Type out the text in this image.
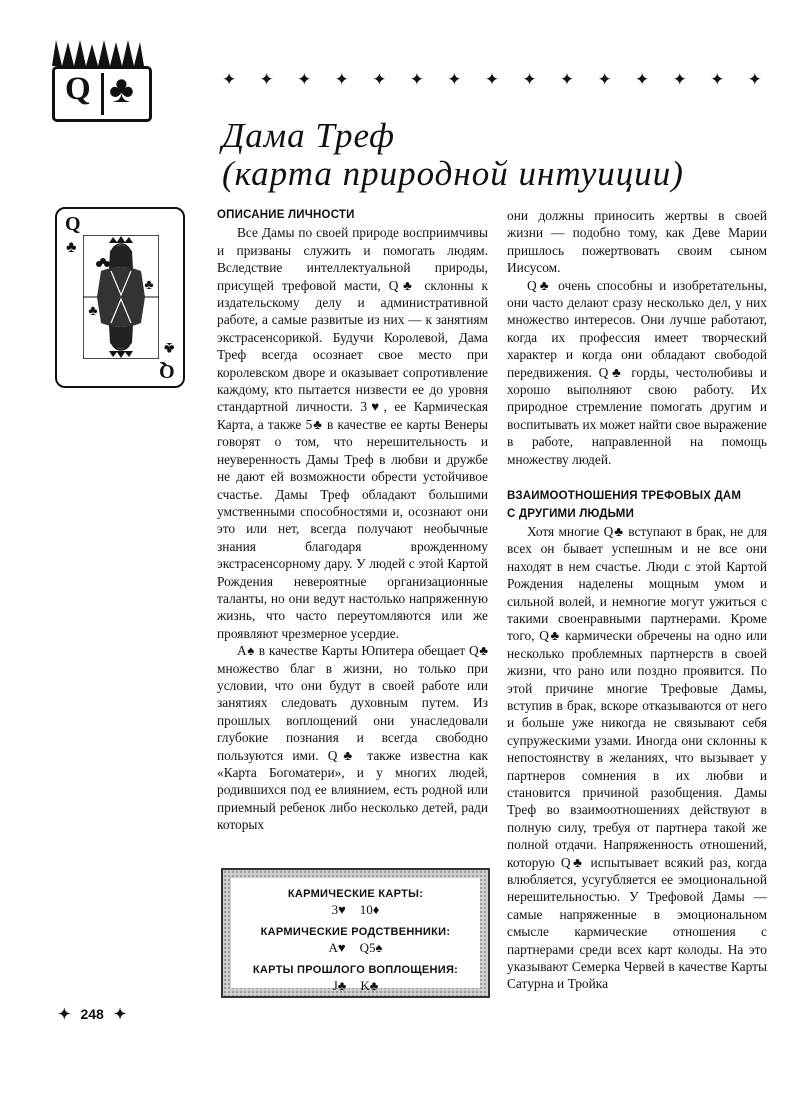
Q ♣	✦ ✦ ✦ ✦ ✦ ✦ ✦ ✦ ✦ ✦ ✦ ✦ ✦ ✦ ✦
Дама Треф
(карта природной интуиции)
Q
♣
♣
♣
♣
Q

ОПИСАНИЕ ЛИЧНОСТИ

Все Дамы по своей природе восприимчивы и призваны служить и помогать людям. Вследствие интеллектуальной природы, присущей трефовой масти, Q♣ склонны к издательскому делу и административной работе, а самые развитые из них — к занятиям экстрасенсорикой. Будучи Королевой, Дама Треф всегда осознает свое место при королевском дворе и оказывает сопротивление каждому, кто пытается низвести ее до уровня стандартной личности. 3♥, ее Кармическая Карта, а также 5♣ в качестве ее карты Венеры говорят о том, что нерешительность и неуверенность Дамы Треф в любви и дружбе не дают ей возможности обрести устойчивое счастье. Дамы Треф обладают большими умственными способностями и, осознают они это или нет, всегда получают необычные знания благодаря врожденному экстрасенсорному дару. У людей с этой Картой Рождения невероятные организационные таланты, но они ведут настолько напряженную жизнь, что часто переутомляются или же проявляют чрезмерное усердие.

A♠ в качестве Карты Юпитера обещает Q♣ множество благ в жизни, но только при условии, что они будут в своей работе или занятиях следовать духовным путем. Из прошлых воплощений они унаследовали глубокие познания и всегда свободно пользуются ими. Q♣ также известна как «Карта Богоматери», и у многих людей, родившихся под ее влиянием, есть родной или приемный ребенок либо несколько детей, ради которых

КАРМИЧЕСКИЕ КАРТЫ:
3♥ 10♦
КАРМИЧЕСКИЕ РОДСТВЕННИКИ:
A♥ Q5♠
КАРТЫ ПРОШЛОГО ВОПЛОЩЕНИЯ:
J♣ K♣

они должны приносить жертвы в своей жизни — подобно тому, как Деве Марии пришлось пожертвовать своим сыном Иисусом.

Q♣ очень способны и изобретательны, они часто делают сразу несколько дел, у них множество интересов. Они лучше работают, когда их профессия имеет творческий характер и когда они обладают свободой передвижения. Q♣ горды, честолюбивы и хорошо выполняют свою работу. Их природное стремление помогать другим и воспитывать их может найти свое выражение в работе, направленной на помощь множеству людей.

ВЗАИМООТНОШЕНИЯ ТРЕФОВЫХ ДАМ

С ДРУГИМИ ЛЮДЬМИ

Хотя многие Q♣ вступают в брак, не для всех он бывает успешным и не все они находят в нем счастье. Люди с этой Картой Рождения наделены мощным умом и сильной волей, и немногие могут ужиться с такими своенравными партнерами. Кроме того, Q♣ кармически обречены на одно или несколько проблемных партнерств в своей жизни, что рано или поздно проявится. По этой причине многие Трефовые Дамы, вступив в брак, вскоре отказываются от него и больше уже никогда не связывают себя супружескими узами. Иногда они склонны к непостоянству в желаниях, что вызывает у партнеров сомнения в их любви и становится причиной разобщения. Дамы Треф во взаимоотношениях действуют в полную силу, требуя от партнера такой же полной отдачи. Напряженность отношений, которую Q♣ испытывает всякий раз, когда влюбляется, усугубляется ее эмоциональной нерешительностью. У Трефовой Дамы — самые напряженные в эмоциональном смысле кармические отношения с партнерами среди всех карт колоды. На это указывают Семерка Червей в качестве Карты Сатурна и Тройка

✦ 248 ✦
